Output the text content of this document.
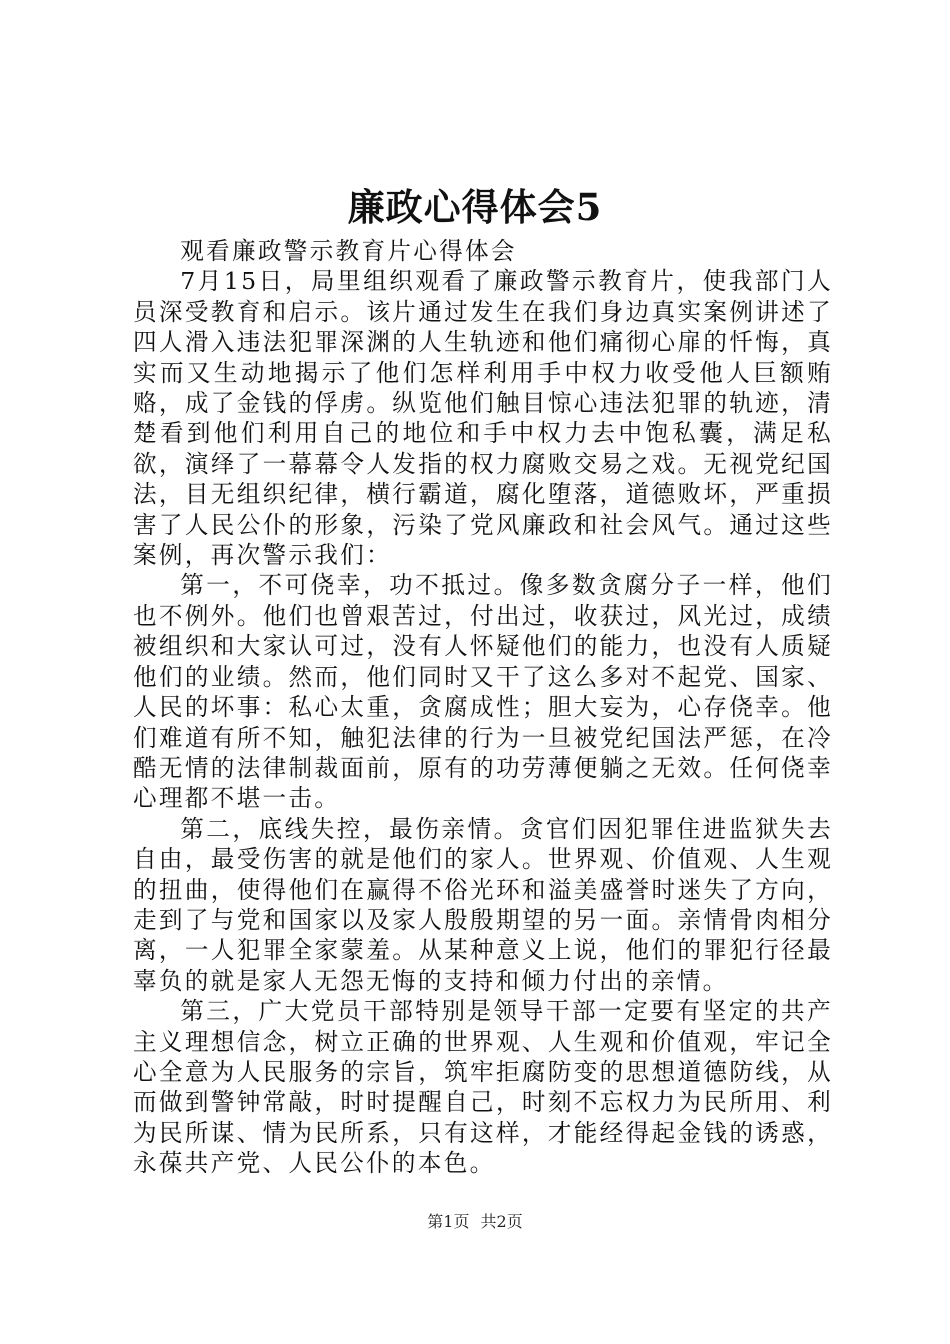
廉政心得体会5

观看廉政警示教育片心得体会

7月15日，局里组织观看了廉政警示教育片，使我部门人员深受教育和启示。该片通过发生在我们身边真实案例讲述了四人滑入违法犯罪深渊的人生轨迹和他们痛彻心扉的忏悔，真实而又生动地揭示了他们怎样利用手中权力收受他人巨额贿赂，成了金钱的俘虏。纵览他们触目惊心违法犯罪的轨迹，清楚看到他们利用自己的地位和手中权力去中饱私囊，满足私欲，演绎了一幕幕令人发指的权力腐败交易之戏。无视党纪国法，目无组织纪律，横行霸道，腐化堕落，道德败坏，严重损害了人民公仆的形象，污染了党风廉政和社会风气。通过这些案例，再次警示我们：

第一，不可侥幸，功不抵过。像多数贪腐分子一样，他们也不例外。他们也曾艰苦过，付出过，收获过，风光过，成绩被组织和大家认可过，没有人怀疑他们的能力，也没有人质疑他们的业绩。然而，他们同时又干了这么多对不起党、国家、人民的坏事：私心太重，贪腐成性；胆大妄为，心存侥幸。他们难道有所不知，触犯法律的行为一旦被党纪国法严惩，在冷酷无情的法律制裁面前，原有的功劳薄便躺之无效。任何侥幸心理都不堪一击。

第二，底线失控，最伤亲情。贪官们因犯罪住进监狱失去自由，最受伤害的就是他们的家人。世界观、价值观、人生观的扭曲，使得他们在赢得不俗光环和溢美盛誉时迷失了方向，走到了与党和国家以及家人殷殷期望的另一面。亲情骨肉相分离，一人犯罪全家蒙羞。从某种意义上说，他们的罪犯行径最辜负的就是家人无怨无悔的支持和倾力付出的亲情。

第三，广大党员干部特别是领导干部一定要有坚定的共产主义理想信念，树立正确的世界观、人生观和价值观，牢记全心全意为人民服务的宗旨，筑牢拒腐防变的思想道德防线，从而做到警钟常敲，时时提醒自己，时刻不忘权力为民所用、利为民所谋、情为民所系，只有这样，才能经得起金钱的诱惑，永葆共产党、人民公仆的本色。

第1页 共2页
